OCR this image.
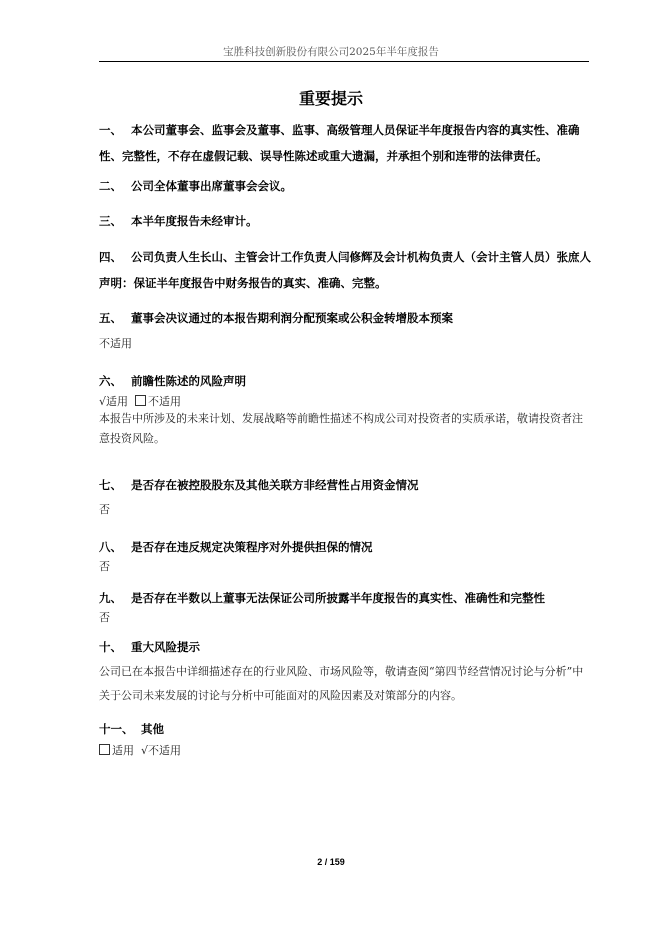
宝胜科技创新股份有限公司2025年半年度报告
重要提示
一、 本公司董事会、监事会及董事、监事、高级管理人员保证半年度报告内容的真实性、准确性、完整性，不存在虚假记载、误导性陈述或重大遗漏，并承担个别和连带的法律责任。
二、 公司全体董事出席董事会会议。
三、 本半年度报告未经审计。
四、 公司负责人生长山、主管会计工作负责人闫修辉及会计机构负责人（会计主管人员）张庶人声明：保证半年度报告中财务报告的真实、准确、完整。
五、 董事会决议通过的本报告期利润分配预案或公积金转增股本预案
不适用
六、 前瞻性陈述的风险声明
√适用 不适用
本报告中所涉及的未来计划、发展战略等前瞻性描述不构成公司对投资者的实质承诺，敬请投资者注意投资风险。
七、 是否存在被控股股东及其他关联方非经营性占用资金情况
否
八、 是否存在违反规定决策程序对外提供担保的情况
否
九、 是否存在半数以上董事无法保证公司所披露半年度报告的真实性、准确性和完整性
否
十、 重大风险提示
公司已在本报告中详细描述存在的行业风险、市场风险等，敬请查阅“第四节经营情况讨论与分析”中关于公司未来发展的讨论与分析中可能面对的风险因素及对策部分的内容。
十一、 其他
适用 √不适用
2 / 159
